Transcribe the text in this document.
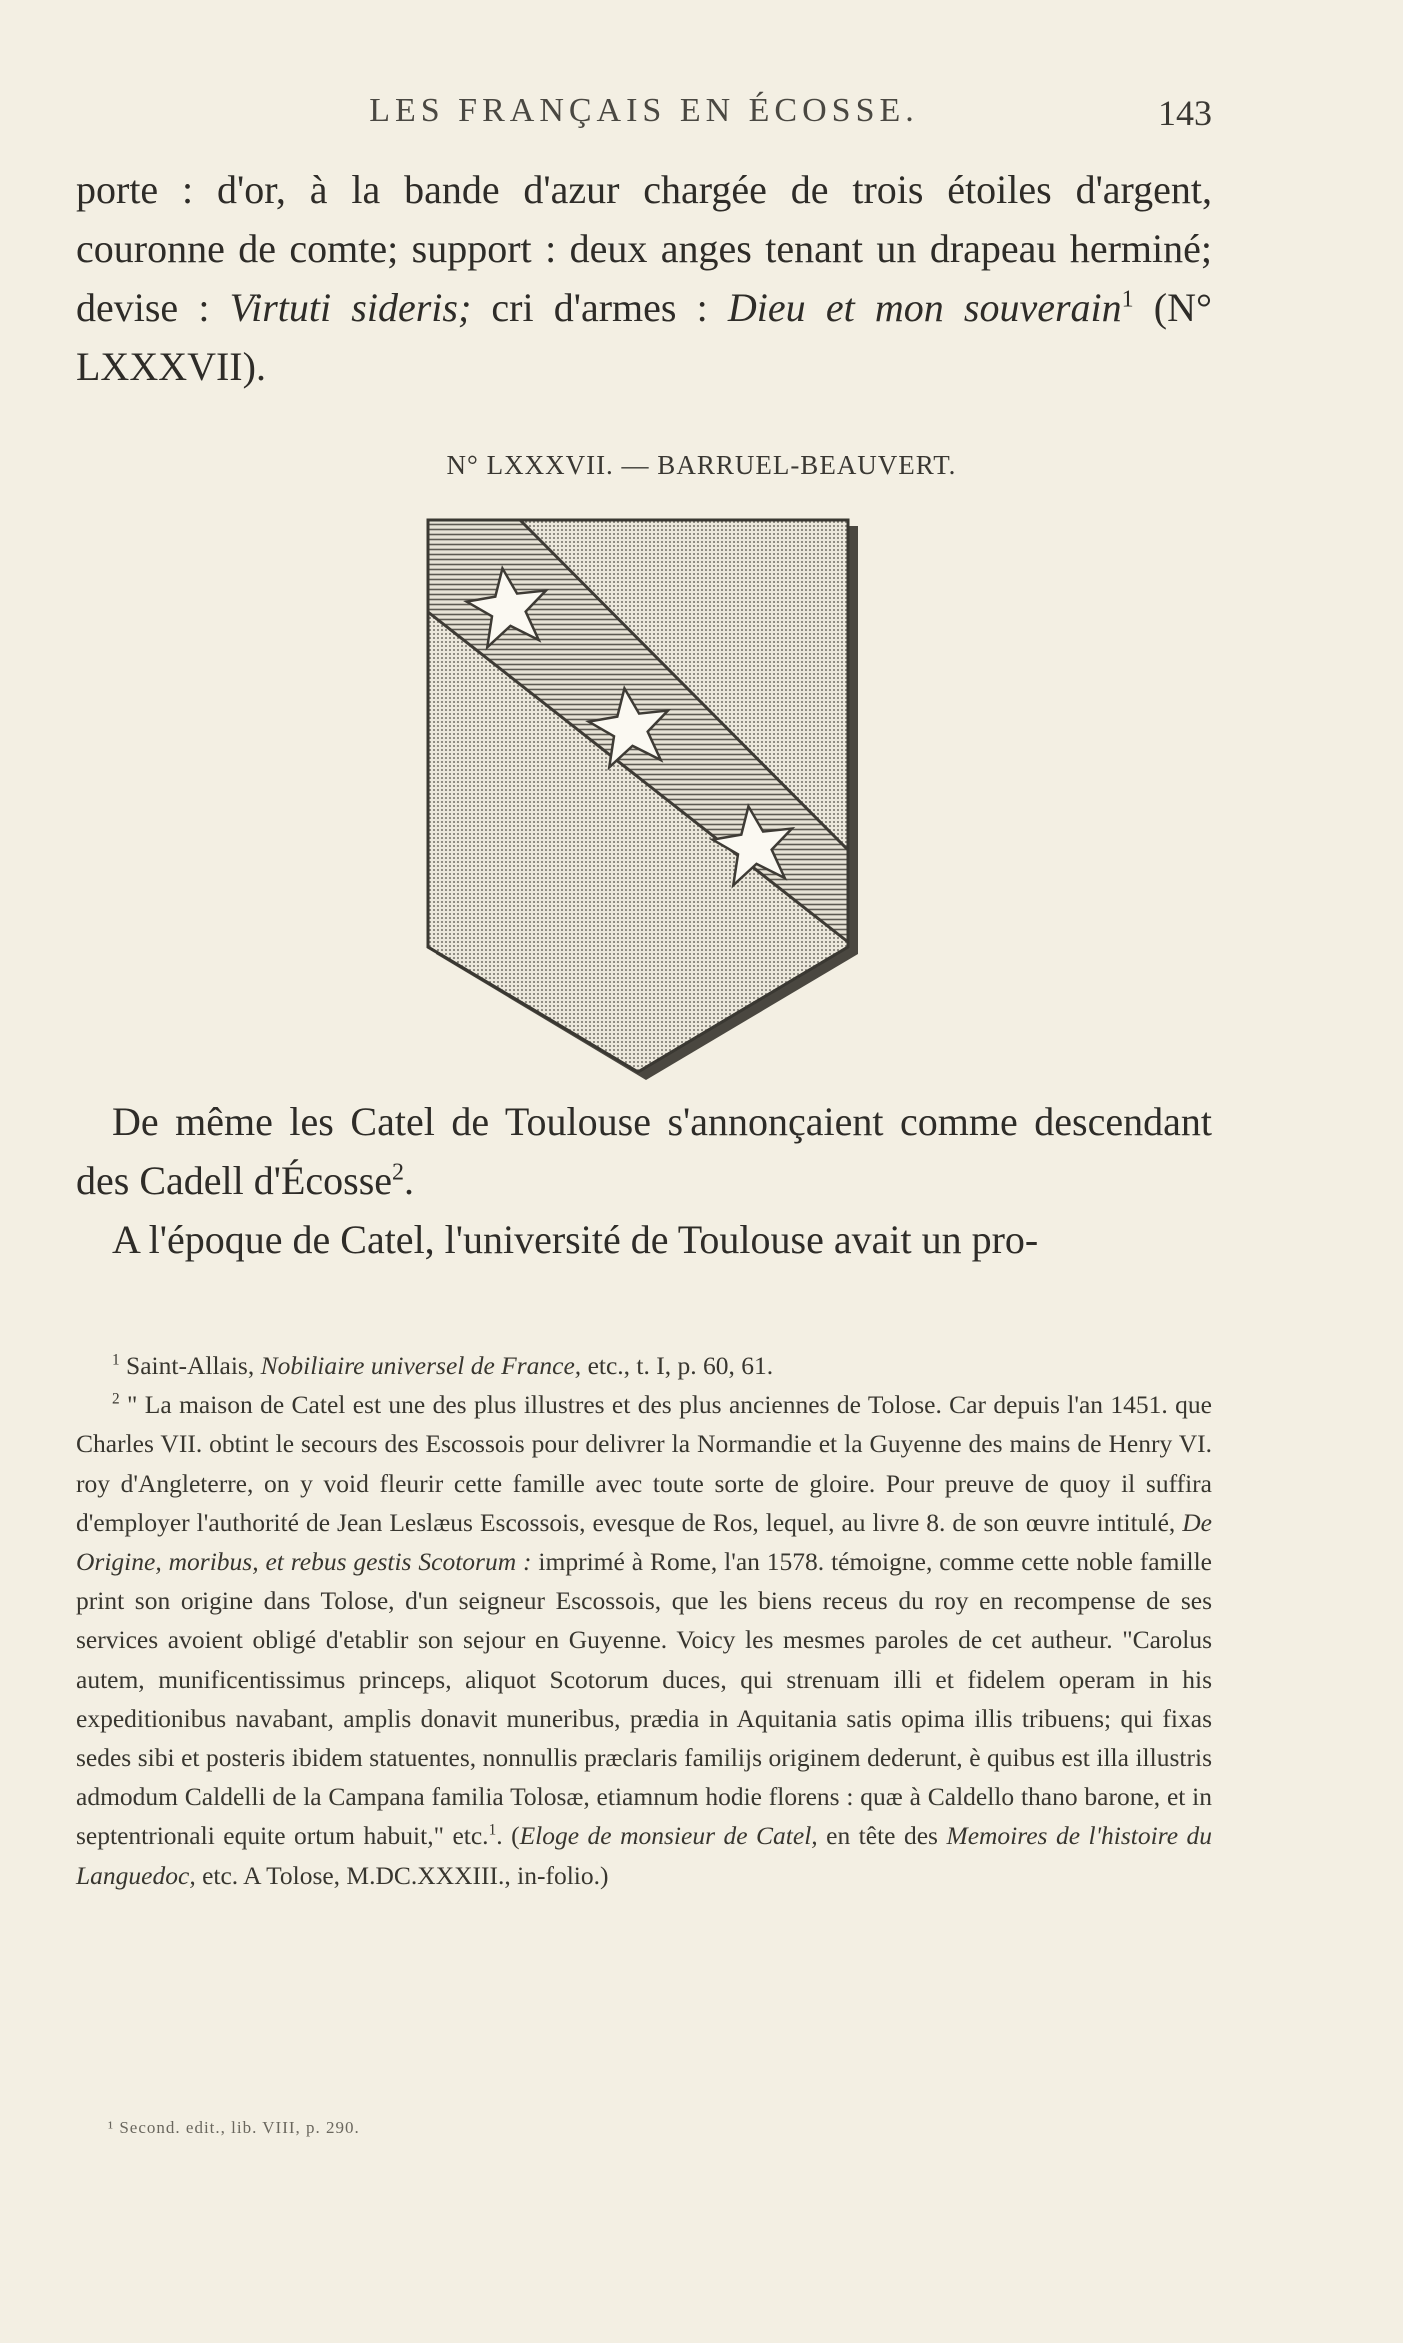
LES FRANÇAIS EN ÉCOSSE.	143
porte : d'or, à la bande d'azur chargée de trois étoiles d'argent, couronne de comte; support : deux anges tenant un drapeau herminé; devise : Virtuti sideris; cri d'armes : Dieu et mon souverain$^1$ (N° LXXXVII).
N° LXXXVII. — BARRUEL-BEAUVERT.
De même les Catel de Toulouse s'annonçaient comme descendant des Cadell d'Écosse$^2$.
A l'époque de Catel, l'université de Toulouse avait un pro-

$^1$ Saint-Allais, Nobiliaire universel de France, etc., t. I, p. 60, 61.

$^2$ " La maison de Catel est une des plus illustres et des plus anciennes de Tolose. Car depuis l'an 1451. que Charles VII. obtint le secours des Escossois pour delivrer la Normandie et la Guyenne des mains de Henry VI. roy d'Angleterre, on y void fleurir cette famille avec toute sorte de gloire. Pour preuve de quoy il suffira d'employer l'authorité de Jean Leslæus Escossois, evesque de Ros, lequel, au livre 8. de son œuvre intitulé, De Origine, moribus, et rebus gestis Scotorum : imprimé à Rome, l'an 1578. témoigne, comme cette noble famille print son origine dans Tolose, d'un seigneur Escossois, que les biens receus du roy en recompense de ses services avoient obligé d'etablir son sejour en Guyenne. Voicy les mesmes paroles de cet autheur. "Carolus autem, munificentissimus princeps, aliquot Scotorum duces, qui strenuam illi et fidelem operam in his expeditionibus navabant, amplis donavit muneribus, prædia in Aquitania satis opima illis tribuens; qui fixas sedes sibi et posteris ibidem statuentes, nonnullis præclaris familijs originem dederunt, è quibus est illa illustris admodum Caldelli de la Campana familia Tolosæ, etiamnum hodie florens : quæ à Caldello thano barone, et in septentrionali equite ortum habuit," etc.$^1$. (Eloge de monsieur de Catel, en tête des Memoires de l'histoire du Languedoc, etc. A Tolose, M.DC.XXXIII., in-folio.)

¹ Second. edit., lib. VIII, p. 290.
